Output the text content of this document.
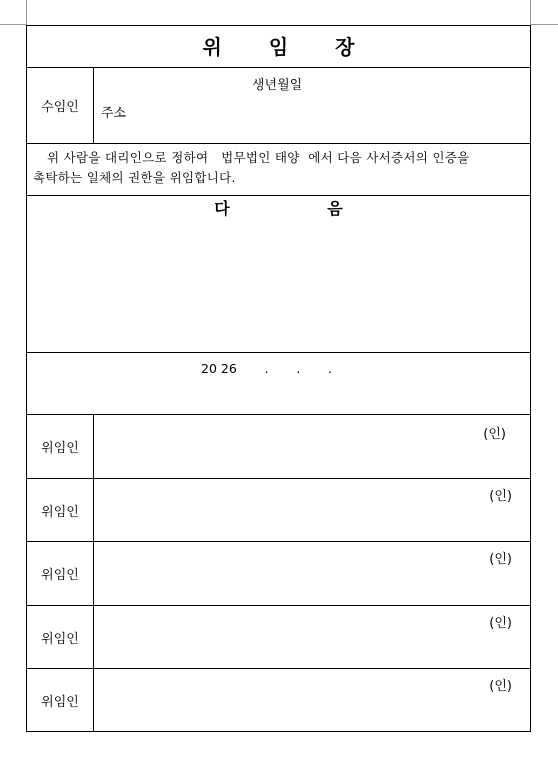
위 임 장
수임인
생년월일
주소
위 사람을 대리인으로 정하여   법무법인 태양  에서 다음 사서증서의 인증을
촉탁하는 일체의 권한을 위임합니다.
다 음
20 26       .       .       .
위임인
(인)
위임인
(인)
위임인
(인)
위임인
(인)
위임인
(인)
